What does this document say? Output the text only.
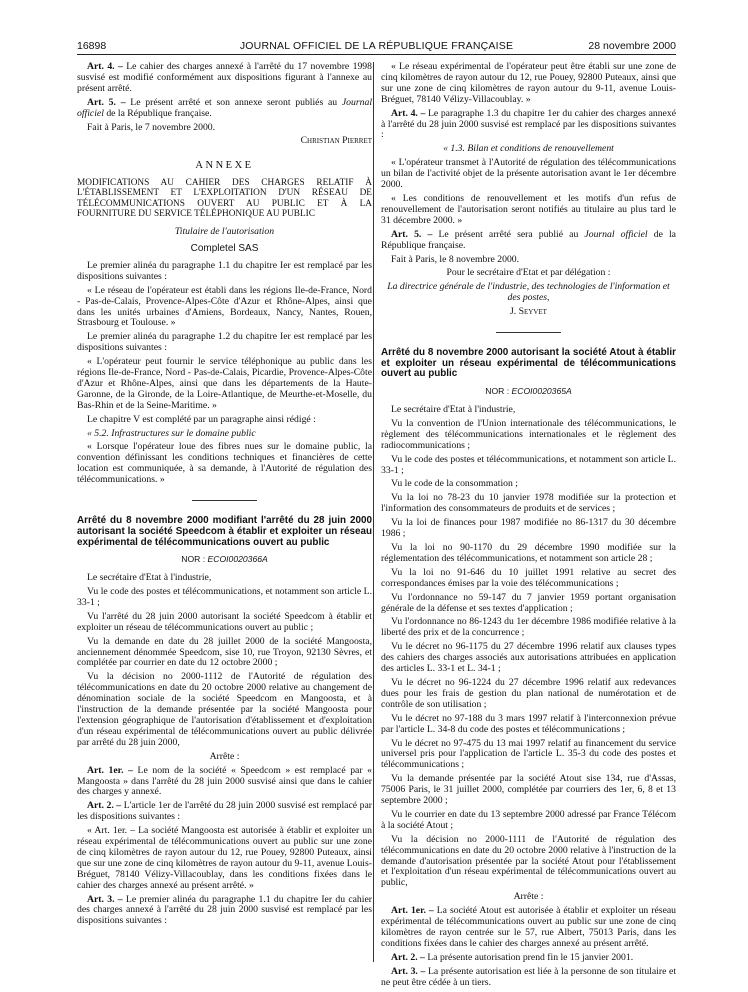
16898	JOURNAL OFFICIEL DE LA RÉPUBLIQUE FRANÇAISE	28 novembre 2000

Art. 4. – Le cahier des charges annexé à l'arrêté du 17 novembre 1998 susvisé est modifié conformément aux dispositions figurant à l'annexe au présent arrêté.

Art. 5. – Le présent arrêté et son annexe seront publiés au Journal officiel de la République française.

Fait à Paris, le 7 novembre 2000.

Christian Pierret

ANNEXE

MODIFICATIONS AU CAHIER DES CHARGES RELATIF À L'ÉTABLISSEMENT ET L'EXPLOITATION D'UN RÉSEAU DE TÉLÉCOMMUNICATIONS OUVERT AU PUBLIC ET À LA FOURNITURE DU SERVICE TÉLÉPHONIQUE AU PUBLIC

Titulaire de l'autorisation

Completel SAS

Le premier alinéa du paragraphe 1.1 du chapitre Ier est remplacé par les dispositions suivantes :

« Le réseau de l'opérateur est établi dans les régions Ile-de-France, Nord - Pas-de-Calais, Provence-Alpes-Côte d'Azur et Rhône-Alpes, ainsi que dans les unités urbaines d'Amiens, Bordeaux, Nancy, Nantes, Rouen, Strasbourg et Toulouse. »

Le premier alinéa du paragraphe 1.2 du chapitre Ier est remplacé par les dispositions suivantes :

« L'opérateur peut fournir le service téléphonique au public dans les régions Ile-de-France, Nord - Pas-de-Calais, Picardie, Provence-Alpes-Côte d'Azur et Rhône-Alpes, ainsi que dans les départements de la Haute-Garonne, de la Gironde, de la Loire-Atlantique, de Meurthe-et-Moselle, du Bas-Rhin et de la Seine-Maritime. »

Le chapitre V est complété par un paragraphe ainsi rédigé :

« 5.2. Infrastructures sur le domaine public

« Lorsque l'opérateur loue des fibres nues sur le domaine public, la convention définissant les conditions techniques et financières de cette location est communiquée, à sa demande, à l'Autorité de régulation des télécommunications. »

Arrêté du 8 novembre 2000 modifiant l'arrêté du 28 juin 2000 autorisant la société Speedcom à établir et exploiter un réseau expérimental de télécommunications ouvert au public

NOR : ECOI0020366A

Le secrétaire d'Etat à l'industrie,

Vu le code des postes et télécommunications, et notamment son article L. 33-1 ;

Vu l'arrêté du 28 juin 2000 autorisant la société Speedcom à établir et exploiter un réseau de télécommunications ouvert au public ;

Vu la demande en date du 28 juillet 2000 de la société Mangoosta, anciennement dénommée Speedcom, sise 10, rue Troyon, 92130 Sèvres, et complétée par courrier en date du 12 octobre 2000 ;

Vu la décision no 2000-1112 de l'Autorité de régulation des télécommunications en date du 20 octobre 2000 relative au changement de dénomination sociale de la société Speedcom en Mangoosta, et à l'instruction de la demande présentée par la société Mangoosta pour l'extension géographique de l'autorisation d'établissement et d'exploitation d'un réseau expérimental de télécommunications ouvert au public délivrée par arrêté du 28 juin 2000,

Arrête :

Art. 1er. – Le nom de la société « Speedcom » est remplacé par « Mangoosta » dans l'arrêté du 28 juin 2000 susvisé ainsi que dans le cahier des charges y annexé.

Art. 2. – L'article 1er de l'arrêté du 28 juin 2000 susvisé est remplacé par les dispositions suivantes :

« Art. 1er. – La société Mangoosta est autorisée à établir et exploiter un réseau expérimental de télécommunications ouvert au public sur une zone de cinq kilomètres de rayon autour du 12, rue Pouey, 92800 Puteaux, ainsi que sur une zone de cinq kilomètres de rayon autour du 9-11, avenue Louis-Bréguet, 78140 Vélizy-Villacoublay, dans les conditions fixées dans le cahier des charges annexé au présent arrêté. »

Art. 3. – Le premier alinéa du paragraphe 1.1 du chapitre Ier du cahier des charges annexé à l'arrêté du 28 juin 2000 susvisé est remplacé par les dispositions suivantes :

« Le réseau expérimental de l'opérateur peut être établi sur une zone de cinq kilomètres de rayon autour du 12, rue Pouey, 92800 Puteaux, ainsi que sur une zone de cinq kilomètres de rayon autour du 9-11, avenue Louis-Bréguet, 78140 Vélizy-Villacoublay. »

Art. 4. – Le paragraphe 1.3 du chapitre 1er du cahier des charges annexé à l'arrêté du 28 juin 2000 susvisé est remplacé par les dispositions suivantes :

« 1.3. Bilan et conditions de renouvellement

« L'opérateur transmet à l'Autorité de régulation des télécommunications un bilan de l'activité objet de la présente autorisation avant le 1er décembre 2000.

« Les conditions de renouvellement et les motifs d'un refus de renouvellement de l'autorisation seront notifiés au titulaire au plus tard le 31 décembre 2000. »

Art. 5. – Le présent arrêté sera publié au Journal officiel de la République française.

Fait à Paris, le 8 novembre 2000.

Pour le secrétaire d'Etat et par délégation :

La directrice générale de l'industrie, des technologies de l'information et des postes,

J. Seyvet

Arrêté du 8 novembre 2000 autorisant la société Atout à établir et exploiter un réseau expérimental de télécommunications ouvert au public

NOR : ECOI0020365A

Le secrétaire d'Etat à l'industrie,

Vu la convention de l'Union internationale des télécommunications, le règlement des télécommunications internationales et le règlement des radiocommunications ;

Vu le code des postes et télécommunications, et notamment son article L. 33-1 ;

Vu le code de la consommation ;

Vu la loi no 78-23 du 10 janvier 1978 modifiée sur la protection et l'information des consommateurs de produits et de services ;

Vu la loi de finances pour 1987 modifiée no 86-1317 du 30 décembre 1986 ;

Vu la loi no 90-1170 du 29 décembre 1990 modifiée sur la réglementation des télécommunications, et notamment son article 28 ;

Vu la loi no 91-646 du 10 juillet 1991 relative au secret des correspondances émises par la voie des télécommunications ;

Vu l'ordonnance no 59-147 du 7 janvier 1959 portant organisation générale de la défense et ses textes d'application ;

Vu l'ordonnance no 86-1243 du 1er décembre 1986 modifiée relative à la liberté des prix et de la concurrence ;

Vu le décret no 96-1175 du 27 décembre 1996 relatif aux clauses types des cahiers des charges associés aux autorisations attribuées en application des articles L. 33-1 et L. 34-1 ;

Vu le décret no 96-1224 du 27 décembre 1996 relatif aux redevances dues pour les frais de gestion du plan national de numérotation et de contrôle de son utilisation ;

Vu le décret no 97-188 du 3 mars 1997 relatif à l'interconnexion prévue par l'article L. 34-8 du code des postes et télécommunications ;

Vu le décret no 97-475 du 13 mai 1997 relatif au financement du service universel pris pour l'application de l'article L. 35-3 du code des postes et télécommunications ;

Vu la demande présentée par la société Atout sise 134, rue d'Assas, 75006 Paris, le 31 juillet 2000, complétée par courriers des 1er, 6, 8 et 13 septembre 2000 ;

Vu le courrier en date du 13 septembre 2000 adressé par France Télécom à la société Atout ;

Vu la décision no 2000-1111 de l'Autorité de régulation des télécommunications en date du 20 octobre 2000 relative à l'instruction de la demande d'autorisation présentée par la société Atout pour l'établissement et l'exploitation d'un réseau expérimental de télécommunications ouvert au public,

Arrête :

Art. 1er. – La société Atout est autorisée à établir et exploiter un réseau expérimental de télécommunications ouvert au public sur une zone de cinq kilomètres de rayon centrée sur le 57, rue Albert, 75013 Paris, dans les conditions fixées dans le cahier des charges annexé au présent arrêté.

Art. 2. – La présente autorisation prend fin le 15 janvier 2001.

Art. 3. – La présente autorisation est liée à la personne de son titulaire et ne peut être cédée à un tiers.
